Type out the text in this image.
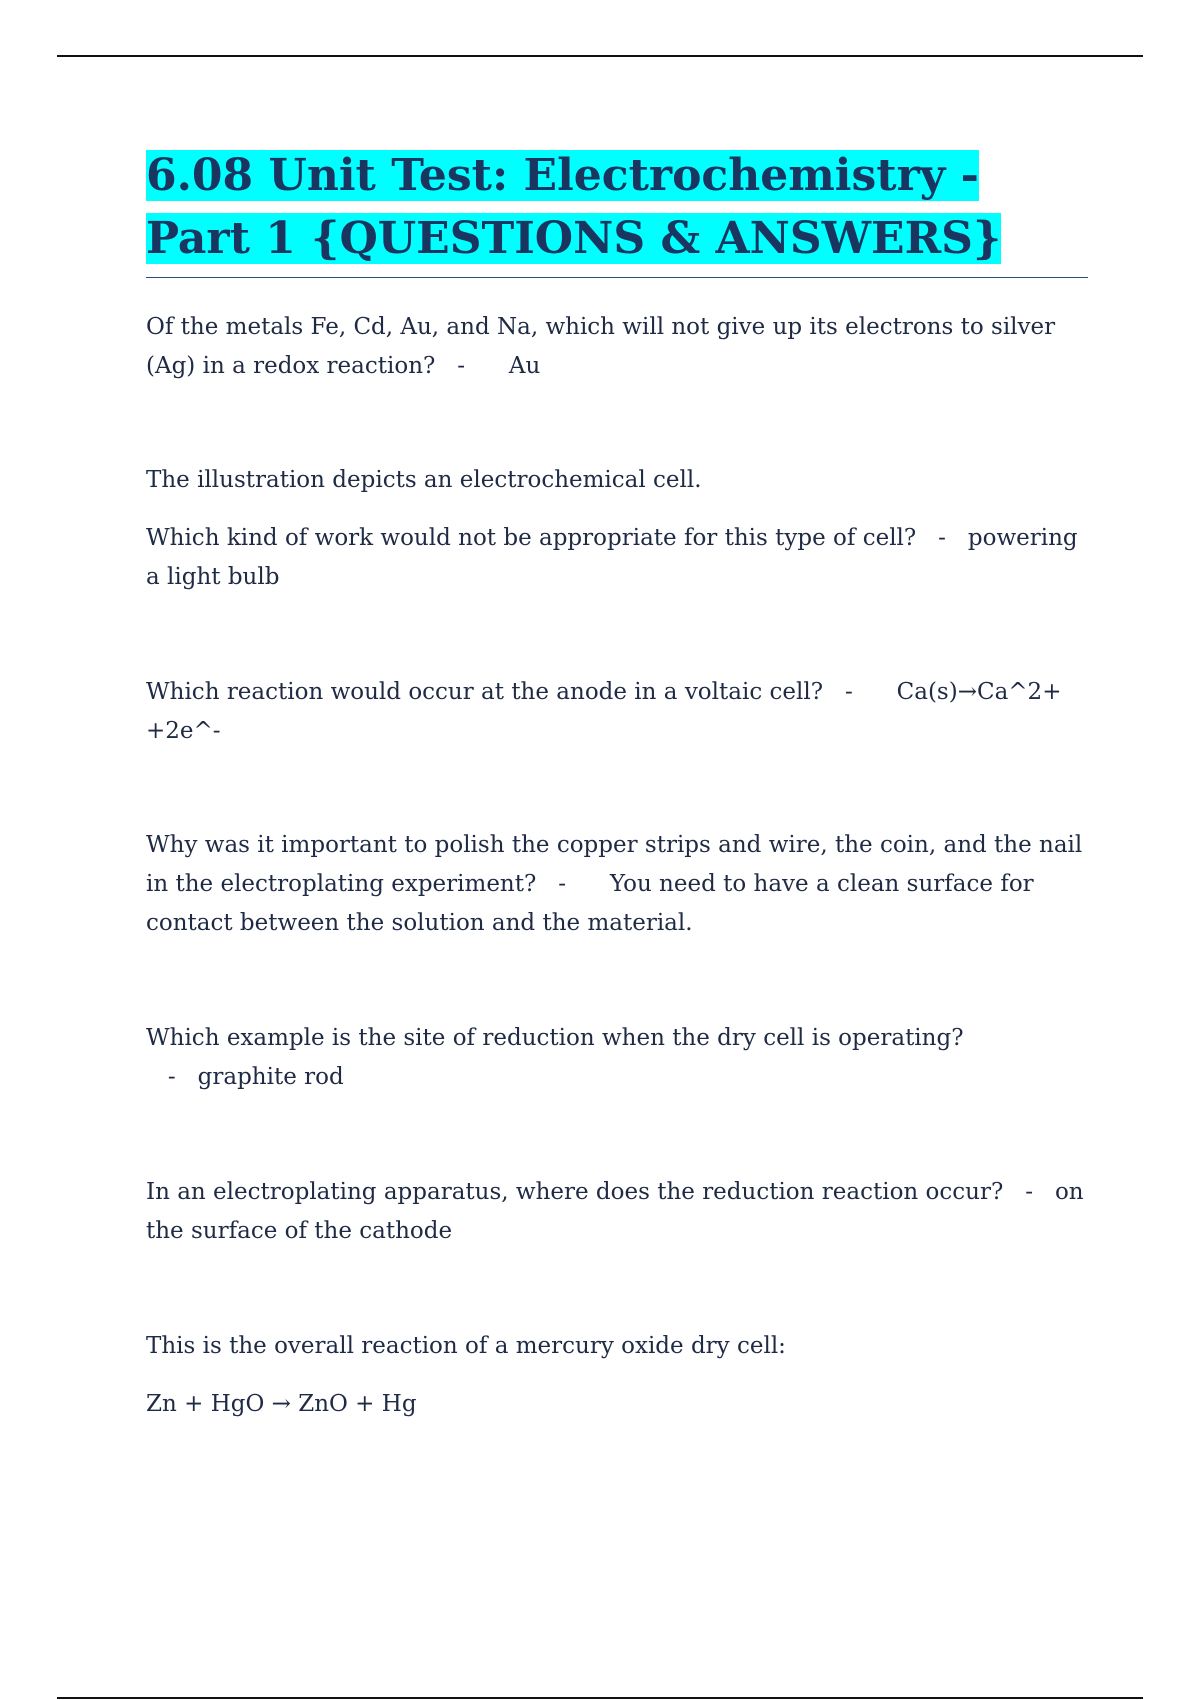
6.08 Unit Test: Electrochemistry - Part 1 {QUESTIONS & ANSWERS}

Of the metals Fe, Cd, Au, and Na, which will not give up its electrons to silver (Ag) in a redox reaction?   -      Au

The illustration depicts an electrochemical cell.

Which kind of work would not be appropriate for this type of cell?   -   powering a light bulb

Which reaction would occur at the anode in a voltaic cell?   -      Ca(s)→Ca^2+ +2e^-

Why was it important to polish the copper strips and wire, the coin, and the nail in the electroplating experiment?   -      You need to have a clean surface for contact between the solution and the material.

Which example is the site of reduction when the dry cell is operating?   -   graphite rod

In an electroplating apparatus, where does the reduction reaction occur?   -   on the surface of the cathode

This is the overall reaction of a mercury oxide dry cell:

Zn + HgO → ZnO + Hg
